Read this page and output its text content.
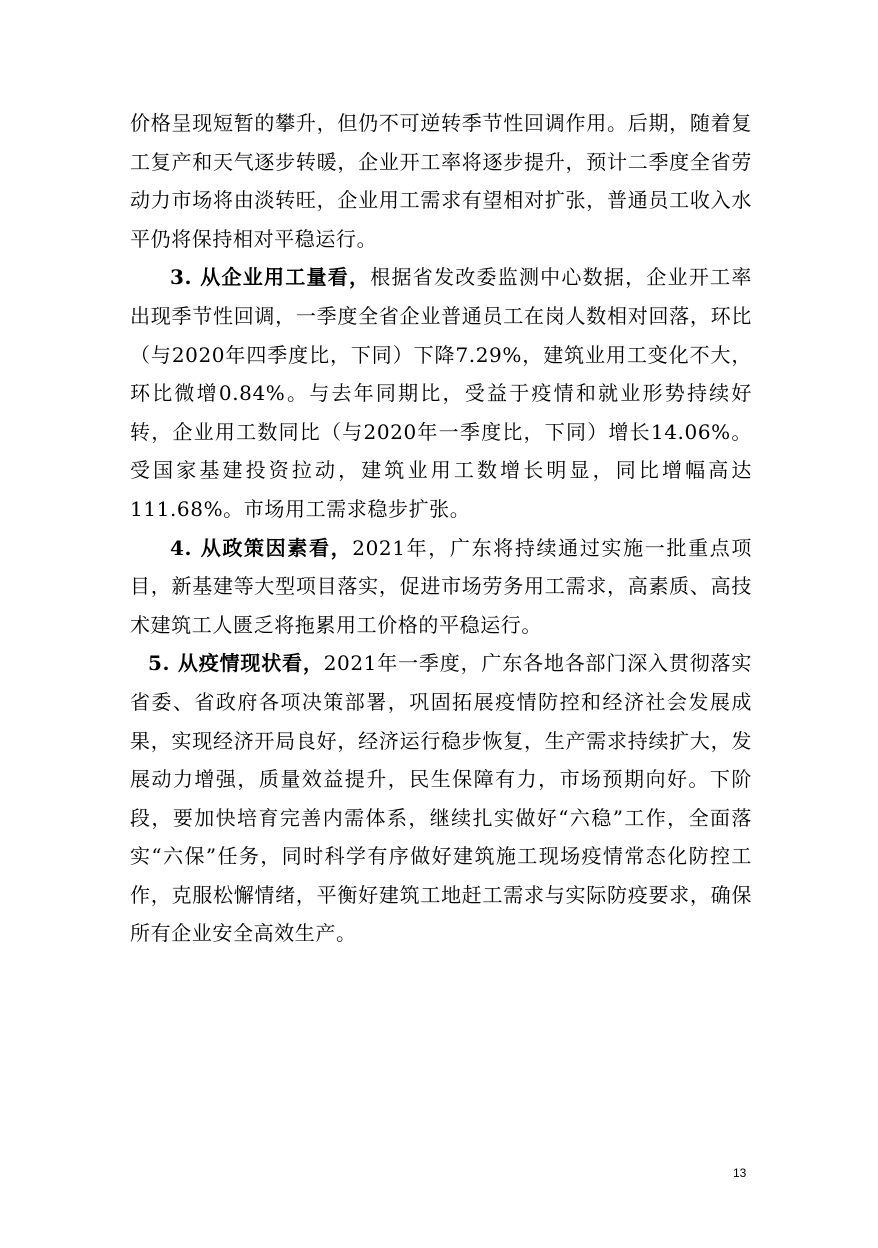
价格呈现短暂的攀升，但仍不可逆转季节性回调作用。后期，随着复工复产和天气逐步转暖，企业开工率将逐步提升，预计二季度全省劳动力市场将由淡转旺，企业用工需求有望相对扩张，普通员工收入水平仍将保持相对平稳运行。

3. 从企业用工量看，根据省发改委监测中心数据，企业开工率出现季节性回调，一季度全省企业普通员工在岗人数相对回落，环比（与2020年四季度比，下同）下降7.29%，建筑业用工变化不大，环比微增0.84%。与去年同期比，受益于疫情和就业形势持续好转，企业用工数同比（与2020年一季度比，下同）增长14.06%。受国家基建投资拉动，建筑业用工数增长明显，同比增幅高达111.68%。市场用工需求稳步扩张。

4. 从政策因素看，2021年，广东将持续通过实施一批重点项目，新基建等大型项目落实，促进市场劳务用工需求，高素质、高技术建筑工人匮乏将拖累用工价格的平稳运行。

5. 从疫情现状看，2021年一季度，广东各地各部门深入贯彻落实省委、省政府各项决策部署，巩固拓展疫情防控和经济社会发展成果，实现经济开局良好，经济运行稳步恢复，生产需求持续扩大，发展动力增强，质量效益提升，民生保障有力，市场预期向好。下阶段，要加快培育完善内需体系，继续扎实做好“六稳”工作，全面落实“六保”任务，同时科学有序做好建筑施工现场疫情常态化防控工作，克服松懈情绪，平衡好建筑工地赶工需求与实际防疫要求，确保所有企业安全高效生产。

13
